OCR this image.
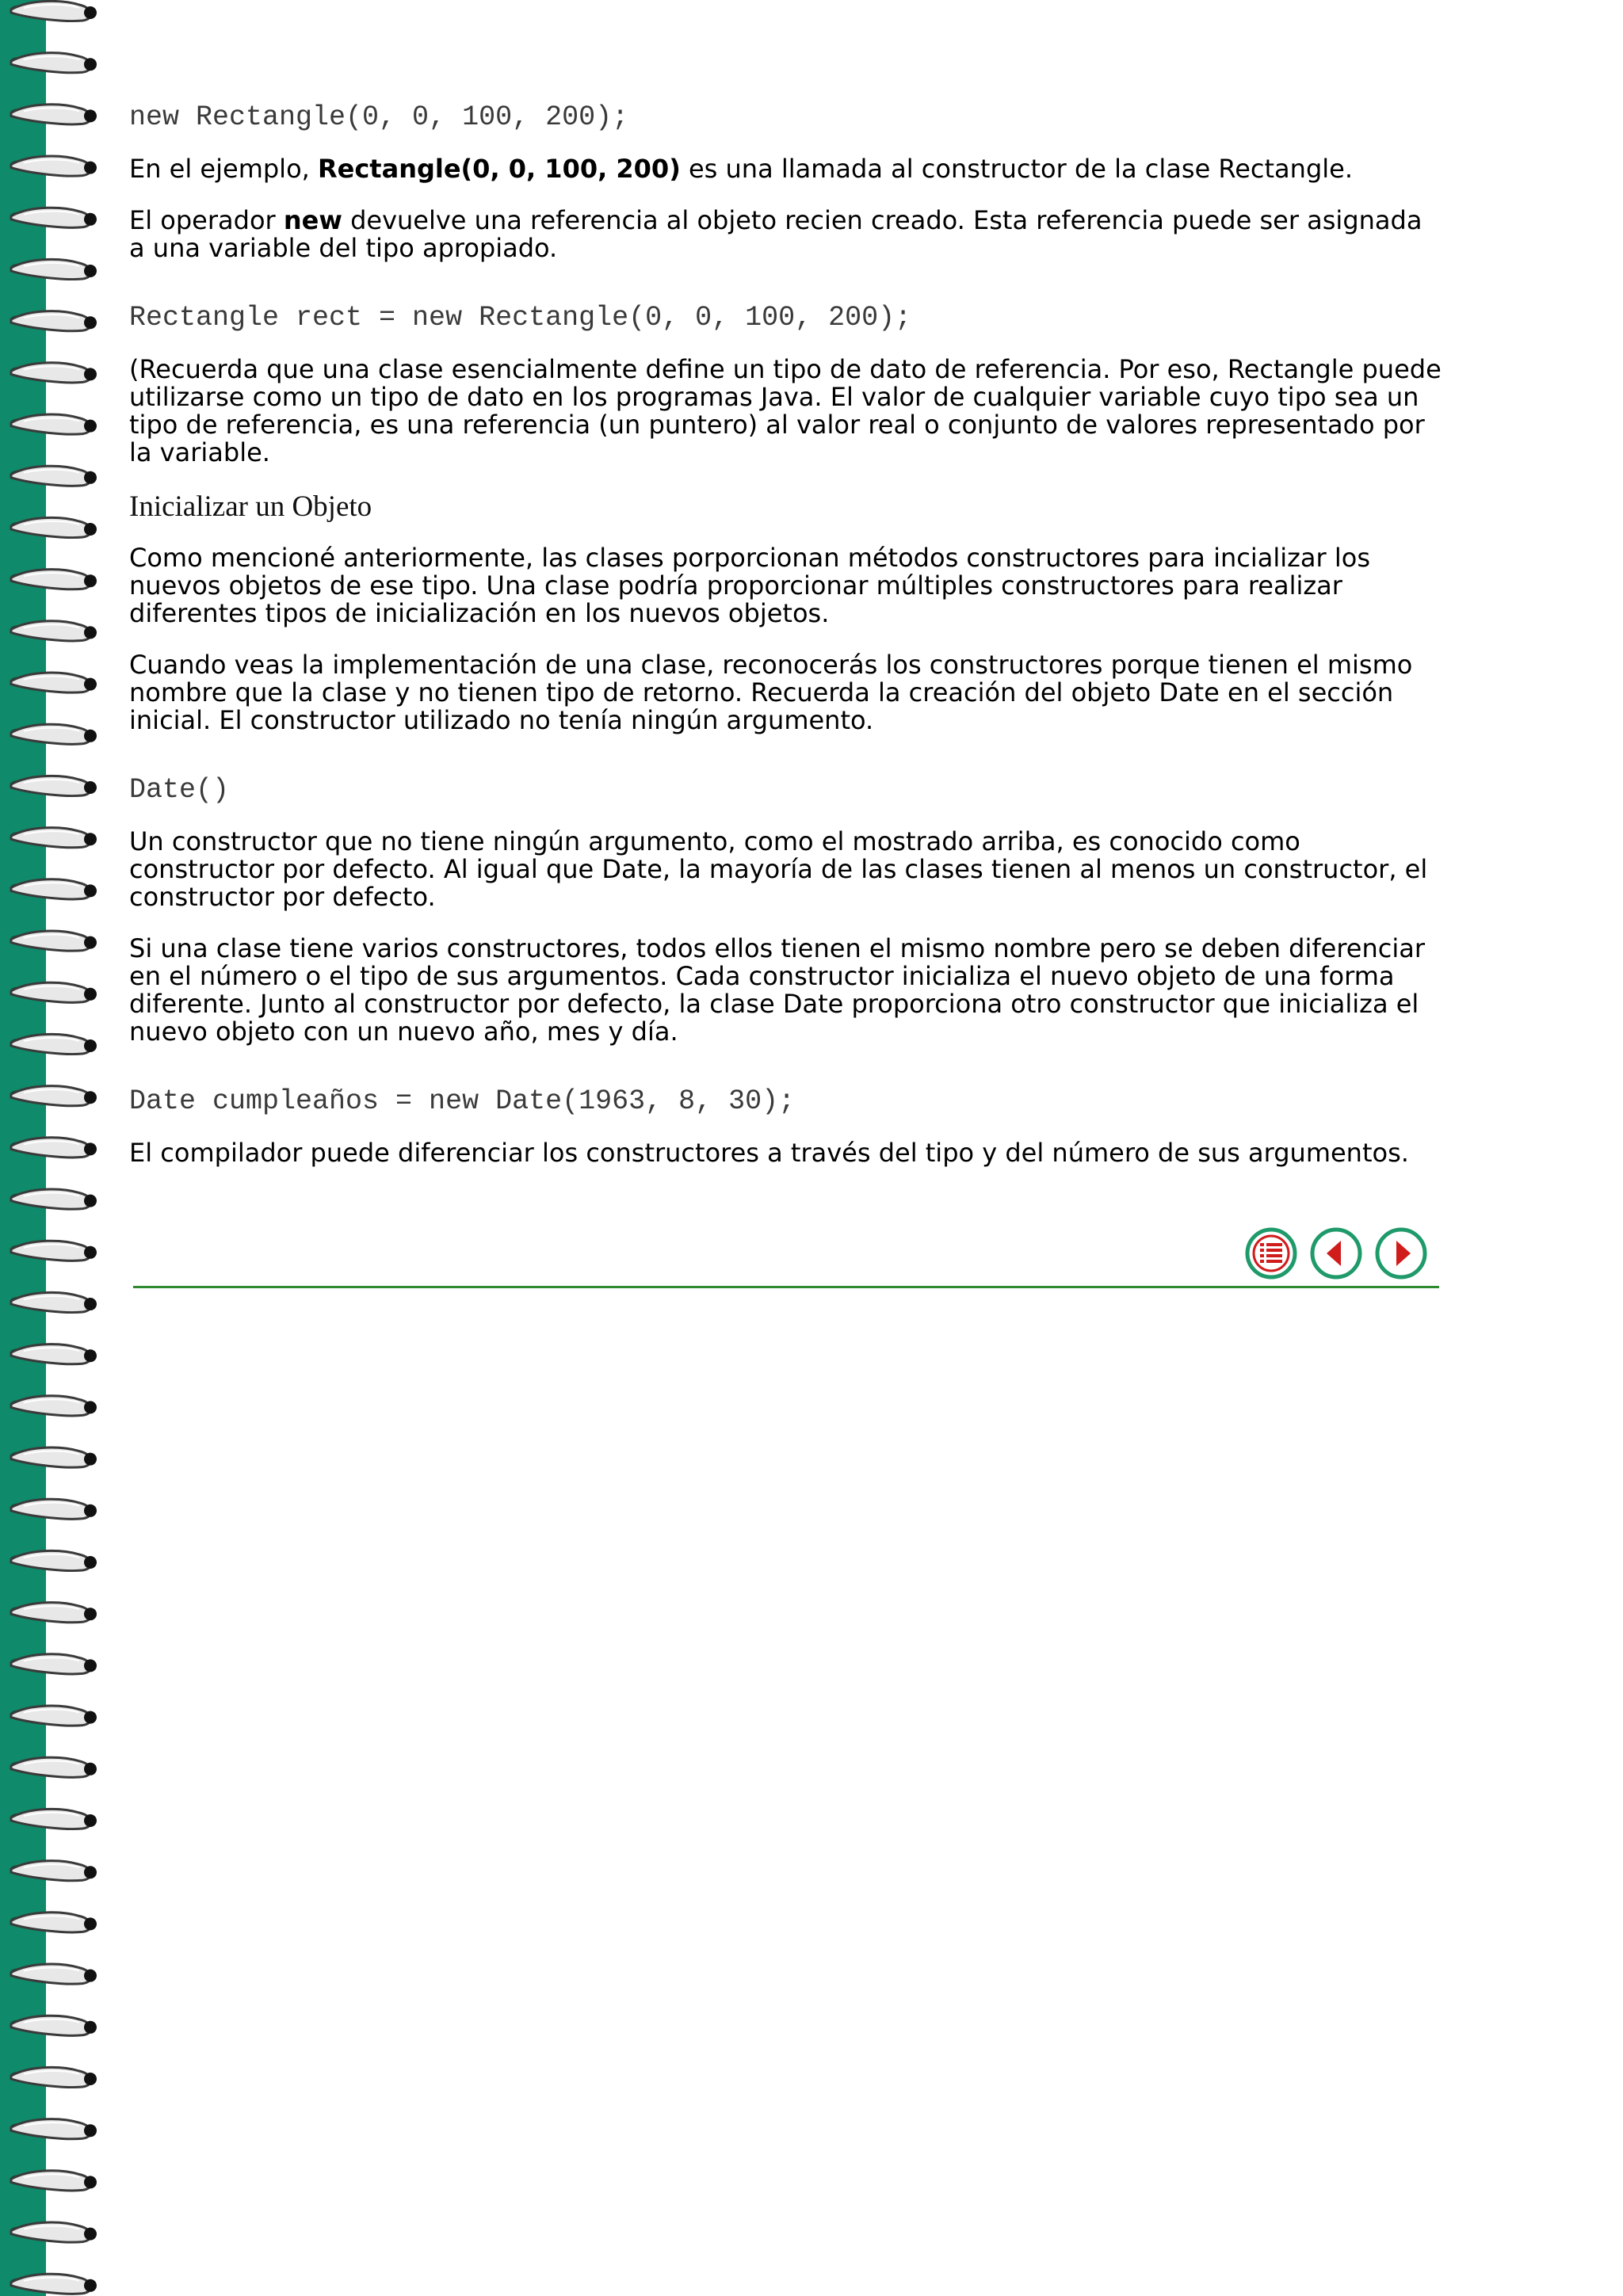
new Rectangle(0, 0, 100, 200);

En el ejemplo, Rectangle(0, 0, 100, 200) es una llamada al constructor de la clase Rectangle.

El operador new devuelve una referencia al objeto recien creado. Esta referencia puede ser asignada a una variable del tipo apropiado.

Rectangle rect = new Rectangle(0, 0, 100, 200);

(Recuerda que una clase esencialmente define un tipo de dato de referencia. Por eso, Rectangle puede utilizarse como un tipo de dato en los programas Java. El valor de cualquier variable cuyo tipo sea un tipo de referencia, es una referencia (un puntero) al valor real o conjunto de valores representado por la variable.

Inicializar un Objeto

Como mencioné anteriormente, las clases porporcionan métodos constructores para incializar los nuevos objetos de ese tipo. Una clase podría proporcionar múltiples constructores para realizar diferentes tipos de inicialización en los nuevos objetos.

Cuando veas la implementación de una clase, reconocerás los constructores porque tienen el mismo nombre que la clase y no tienen tipo de retorno. Recuerda la creación del objeto Date en el sección inicial. El constructor utilizado no tenía ningún argumento.

Date()

Un constructor que no tiene ningún argumento, como el mostrado arriba, es conocido como constructor por defecto. Al igual que Date, la mayoría de las clases tienen al menos un constructor, el constructor por defecto.

Si una clase tiene varios constructores, todos ellos tienen el mismo nombre pero se deben diferenciar en el número o el tipo de sus argumentos. Cada constructor inicializa el nuevo objeto de una forma diferente. Junto al constructor por defecto, la clase Date proporciona otro constructor que inicializa el nuevo objeto con un nuevo año, mes y día.

Date cumpleaños = new Date(1963, 8, 30);

El compilador puede diferenciar los constructores a través del tipo y del número de sus argumentos.
